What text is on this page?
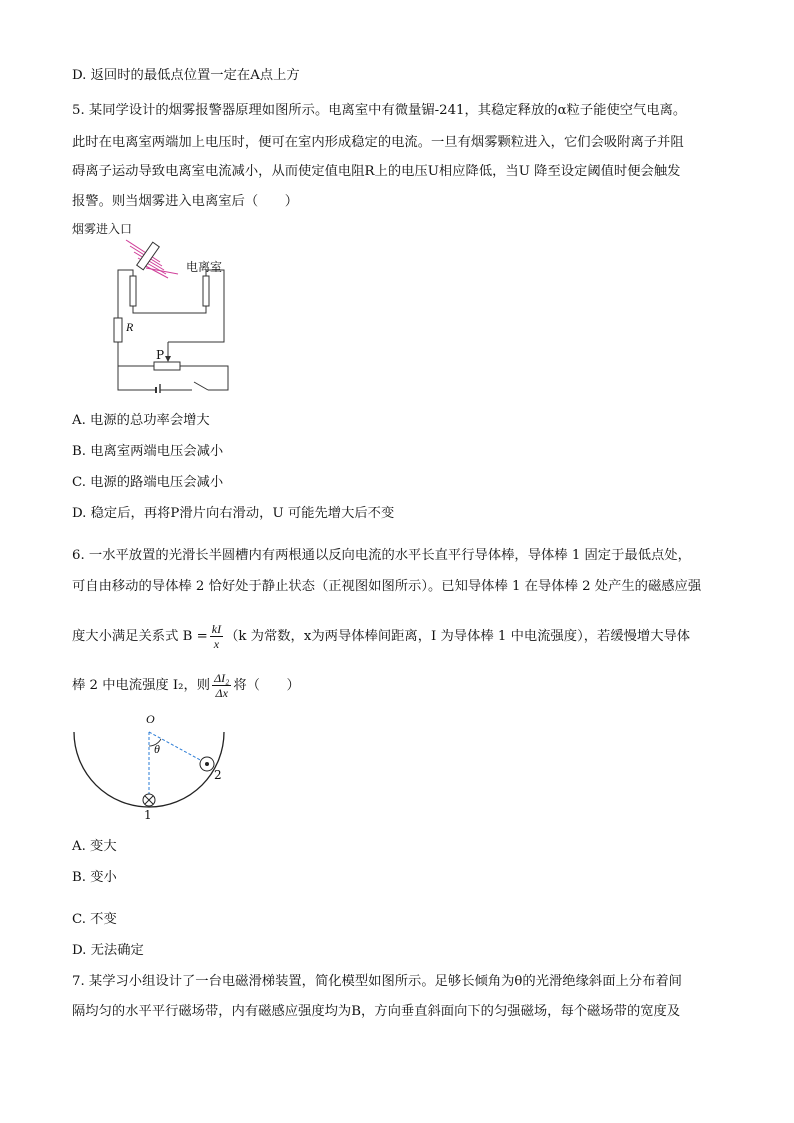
D. 返回时的最低点位置一定在A点上方
5. 某同学设计的烟雾报警器原理如图所示。电离室中有微量镅-241，其稳定释放的α粒子能使空气电离。
此时在电离室两端加上电压时，便可在室内形成稳定的电流。一旦有烟雾颗粒进入，它们会吸附离子并阻
碍离子运动导致电离室电流减小，从而使定值电阻R上的电压U相应降低，当U 降至设定阈值时便会触发
报警。则当烟雾进入电离室后（　　）
烟雾进入口
电离室
R
P
A. 电源的总功率会增大
B. 电离室两端电压会减小
C. 电源的路端电压会减小
D. 稳定后，再将P滑片向右滑动，U 可能先增大后不变
6. 一水平放置的光滑长半圆槽内有两根通以反向电流的水平长直平行导体棒，导体棒 1 固定于最低点处，
可自由移动的导体棒 2 恰好处于静止状态（正视图如图所示）。已知导体棒 1 在导体棒 2 处产生的磁感应强
度大小满足关系式 $B = \frac{kI}{x} (k$ 为常数，x为两导体棒间距离，I 为导体棒 1 中电流强度），若缓慢增大导体
棒 2 中电流强度 I₂，则 $\frac{\text{ΔI₂}}{\Delta x}$ 将（　　）
O
θ
1
2
A. 变大
B. 变小
C. 不变
D. 无法确定
7. 某学习小组设计了一台电磁滑梯装置，简化模型如图所示。足够长倾角为θ的光滑绝缘斜面上分布着间
隔均匀的水平平行磁场带，内有磁感应强度均为B，方向垂直斜面向下的匀强磁场，每个磁场带的宽度及
